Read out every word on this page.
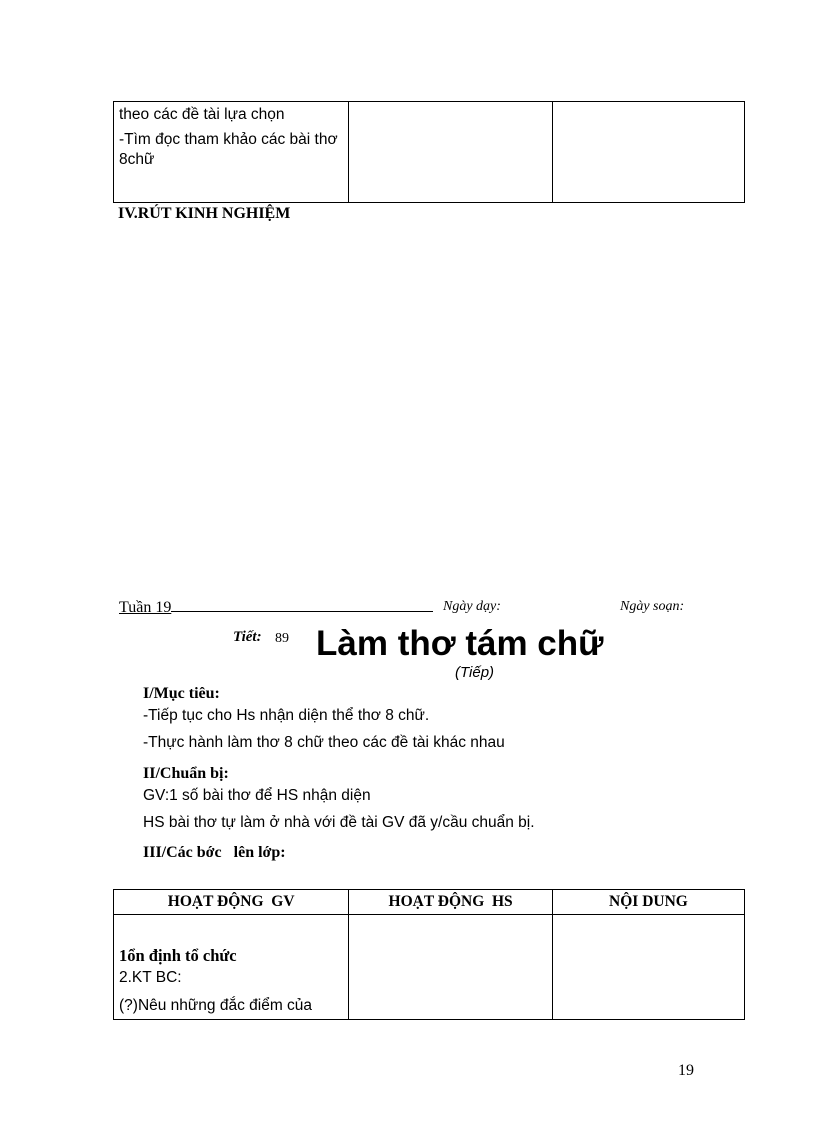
theo các đề tài lựa chọn

-Tìm đọc tham khảo các bài thơ 8chữ

IV.RÚT KINH NGHIỆM
Tuần 19	Ngày dạy:	Ngày soạn:
Tiết: 89 Làm thơ tám chữ
(Tiếp)
I/Mục tiêu:
-Tiếp tục cho Hs nhận diện thể thơ 8 chữ.
-Thực hành làm thơ 8 chữ theo các đề tài khác nhau
II/Chuẩn bị:
GV:1 số bài thơ để HS nhận diện
HS bài thơ tự làm ở nhà với đề tài GV đã y/cầu chuẩn bị.
III/Các bớc   lên lớp:
HOẠT ĐỘNG  GV	HOẠT ĐỘNG  HS	NỘI DUNG

1ổn định tổ chức
2.KT BC:
(?)Nêu những đắc điểm của		

19
